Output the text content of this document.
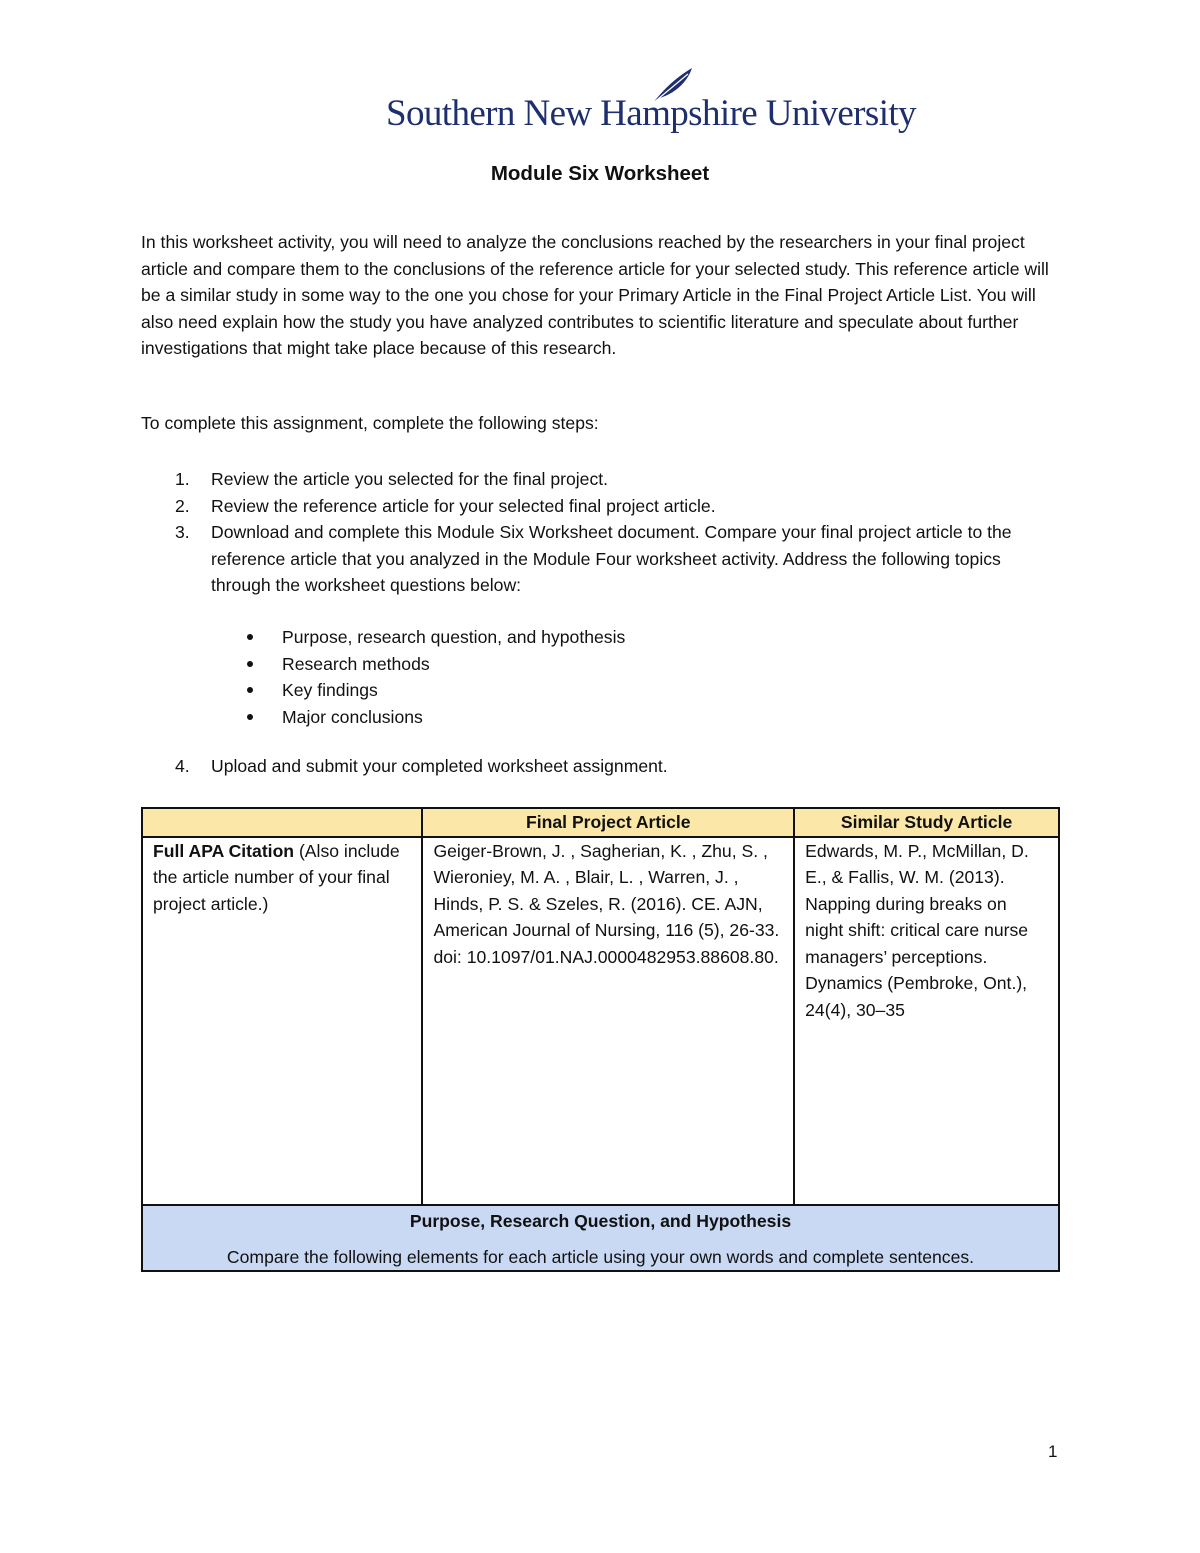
Southern New Hampshire University
Module Six Worksheet
In this worksheet activity, you will need to analyze the conclusions reached by the researchers in your final project article and compare them to the conclusions of the reference article for your selected study. This reference article will be a similar study in some way to the one you chose for your Primary Article in the Final Project Article List. You will also need explain how the study you have analyzed contributes to scientific literature and speculate about further investigations that might take place because of this research.
To complete this assignment, complete the following steps:
1. Review the article you selected for the final project.
2. Review the reference article for your selected final project article.
3. Download and complete this Module Six Worksheet document. Compare your final project article to the reference article that you analyzed in the Module Four worksheet activity. Address the following topics through the worksheet questions below:
Purpose, research question, and hypothesis
Research methods
Key findings
Major conclusions
4. Upload and submit your completed worksheet assignment.
	Final Project Article	Similar Study Article
Full APA Citation (Also include the article number of your final project article.)	Geiger-Brown, J. , Sagherian, K. , Zhu, S. , Wieroniey, M. A. , Blair, L. , Warren, J. , Hinds, P. S. & Szeles, R. (2016). CE. AJN, American Journal of Nursing, 116 (5), 26-33. doi: 10.1097/01.NAJ.0000482953.88608.80.	Edwards, M. P., McMillan, D. E., & Fallis, W. M. (2013). Napping during breaks on night shift: critical care nurse managers’ perceptions. Dynamics (Pembroke, Ont.), 24(4), 30–35

Purpose, Research Question, and Hypothesis
Compare the following elements for each article using your own words and complete sentences.		
1
